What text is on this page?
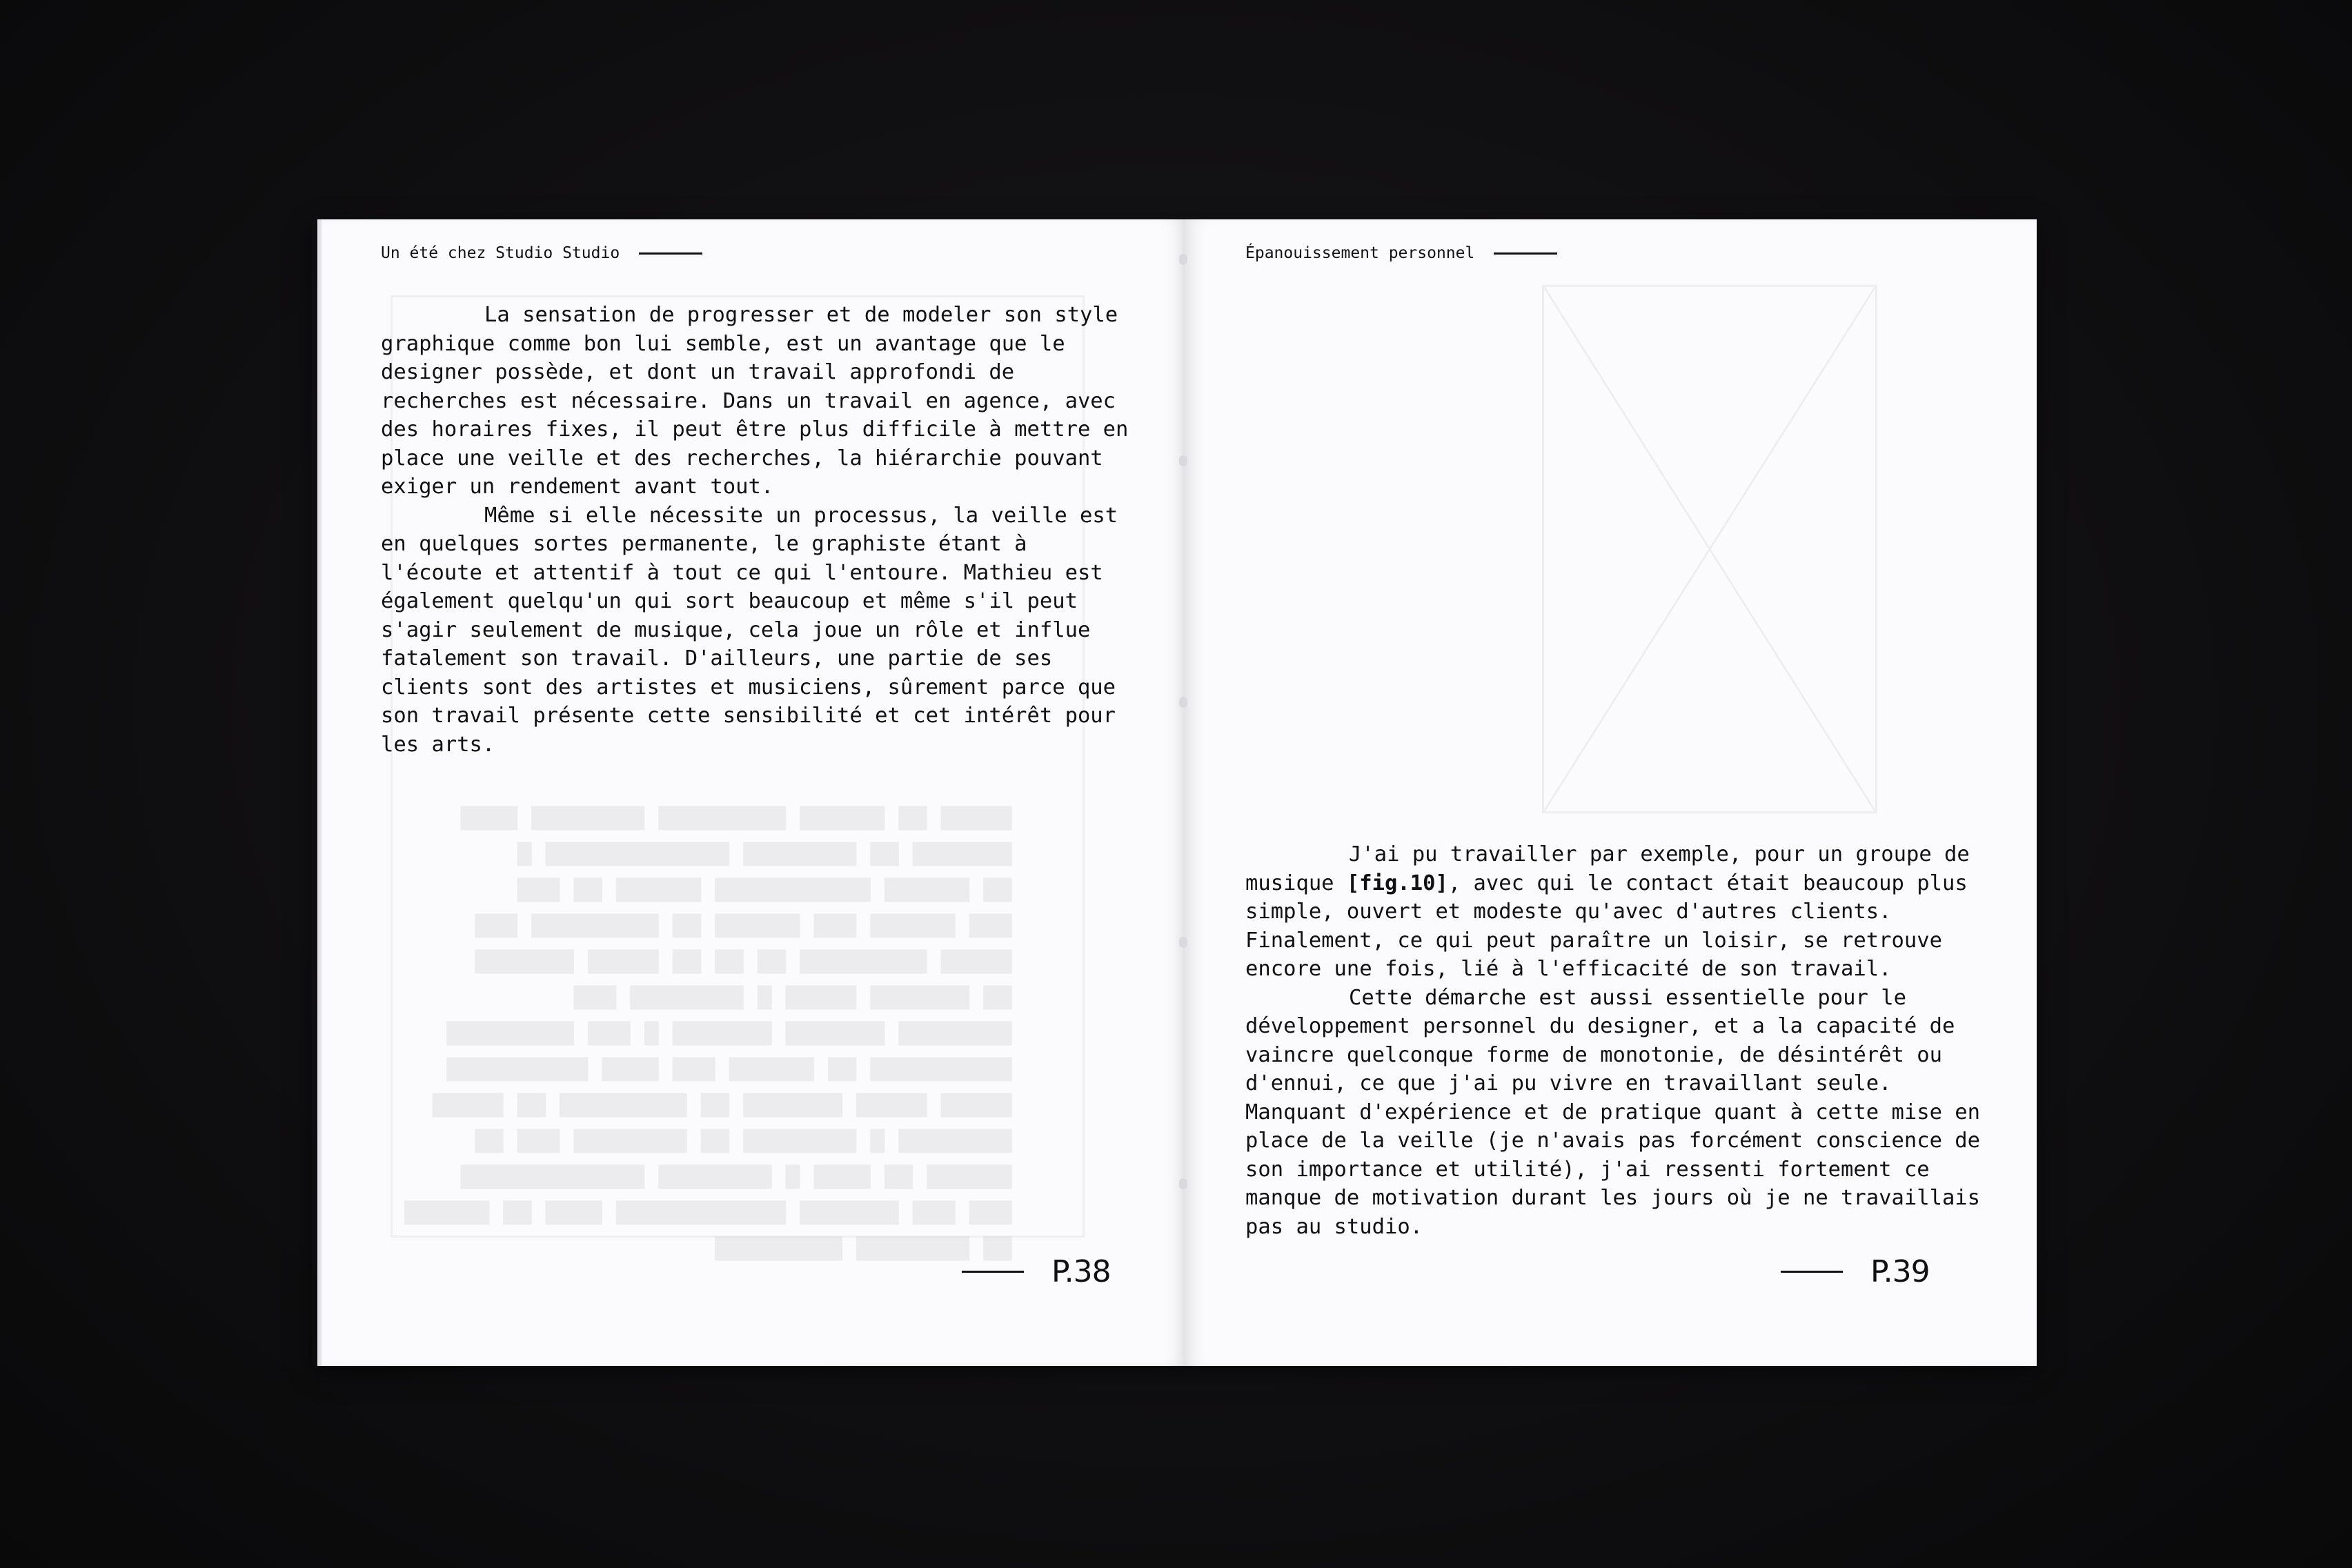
▇▇▇▇▇ ▇▇ ▇▇▇▇▇▇ ▇▇▇▇▇▇▇▇▇ ▇▇▇▇▇▇▇▇ ▇▇▇▇
▇▇▇▇▇▇▇ ▇▇ ▇▇▇▇▇▇▇▇ ▇▇▇▇▇▇▇▇▇▇▇▇▇ ▇
▇▇ ▇▇▇▇▇▇ ▇▇▇▇▇▇▇▇▇▇▇ ▇▇▇▇▇▇ ▇▇ ▇▇▇
▇▇▇ ▇▇▇▇▇▇ ▇▇▇ ▇▇▇▇▇▇ ▇▇ ▇▇▇▇▇▇▇▇▇ ▇▇▇
▇▇▇▇▇ ▇▇▇▇▇▇▇▇▇ ▇▇ ▇▇ ▇▇ ▇▇▇▇▇ ▇▇▇▇▇▇▇
▇▇ ▇▇▇▇▇▇▇ ▇▇▇▇▇ ▇ ▇▇▇▇▇▇▇▇ ▇▇▇
▇▇▇▇▇▇▇▇ ▇▇▇▇▇▇▇ ▇▇▇▇▇▇▇ ▇ ▇▇▇ ▇▇▇▇▇▇▇▇▇
▇▇▇▇▇▇▇▇▇▇ ▇▇ ▇▇▇▇▇▇ ▇▇▇ ▇▇▇▇ ▇▇▇▇▇▇▇▇▇▇
▇▇▇▇▇ ▇▇▇▇▇ ▇▇▇▇▇▇▇ ▇▇ ▇▇▇▇▇▇▇▇▇ ▇▇ ▇▇▇▇▇
▇▇▇▇▇▇▇▇ ▇ ▇▇▇▇▇▇▇▇ ▇▇ ▇▇▇▇▇▇▇▇ ▇▇▇ ▇▇
▇▇▇▇▇▇ ▇▇ ▇▇▇▇ ▇ ▇▇▇▇▇▇▇▇ ▇▇▇▇▇▇▇▇▇▇▇▇▇
▇▇▇ ▇▇▇ ▇▇▇▇▇▇▇ ▇▇▇▇▇▇▇▇▇▇▇▇ ▇▇▇▇ ▇▇ ▇▇▇▇▇▇
▇▇ ▇▇▇▇▇▇▇▇ ▇▇▇▇▇▇▇▇▇
Un été chez Studio Studio

La sensation de progresser et de modeler son style graphique comme bon lui semble, est un avantage que le designer possède, et dont un travail approfondi de recherches est nécessaire. Dans un travail en agence, avec des horaires fixes, il peut être plus difficile à mettre en place une veille et des recherches, la hiérarchie pouvant exiger un rendement avant tout.

Même si elle nécessite un processus, la veille est en quelques sortes permanente, le graphiste étant à l'écoute et attentif à tout ce qui l'entoure. Mathieu est également quelqu'un qui sort beaucoup et même s'il peut s'agir seulement de musique, cela joue un rôle et influe fatalement son travail. D'ailleurs, une partie de ses clients sont des artistes et musiciens, sûrement parce que son travail présente cette sensibilité et cet intérêt pour les arts.

P.38
Épanouissement personnel

J'ai pu travailler par exemple, pour un groupe de musique [fig.10], avec qui le contact était beaucoup plus simple, ouvert et modeste qu'avec d'autres clients. Finalement, ce qui peut paraître un loisir, se retrouve encore une fois, lié à l'efficacité de son travail.

Cette démarche est aussi essentielle pour le développement personnel du designer, et a la capacité de vaincre quelconque forme de monotonie, de désintérêt ou d'ennui, ce que j'ai pu vivre en travaillant seule. Manquant d'expérience et de pratique quant à cette mise en place de la veille (je n'avais pas forcément conscience de son importance et utilité), j'ai ressenti fortement ce manque de motivation durant les jours où je ne travaillais pas au studio.

P.39
